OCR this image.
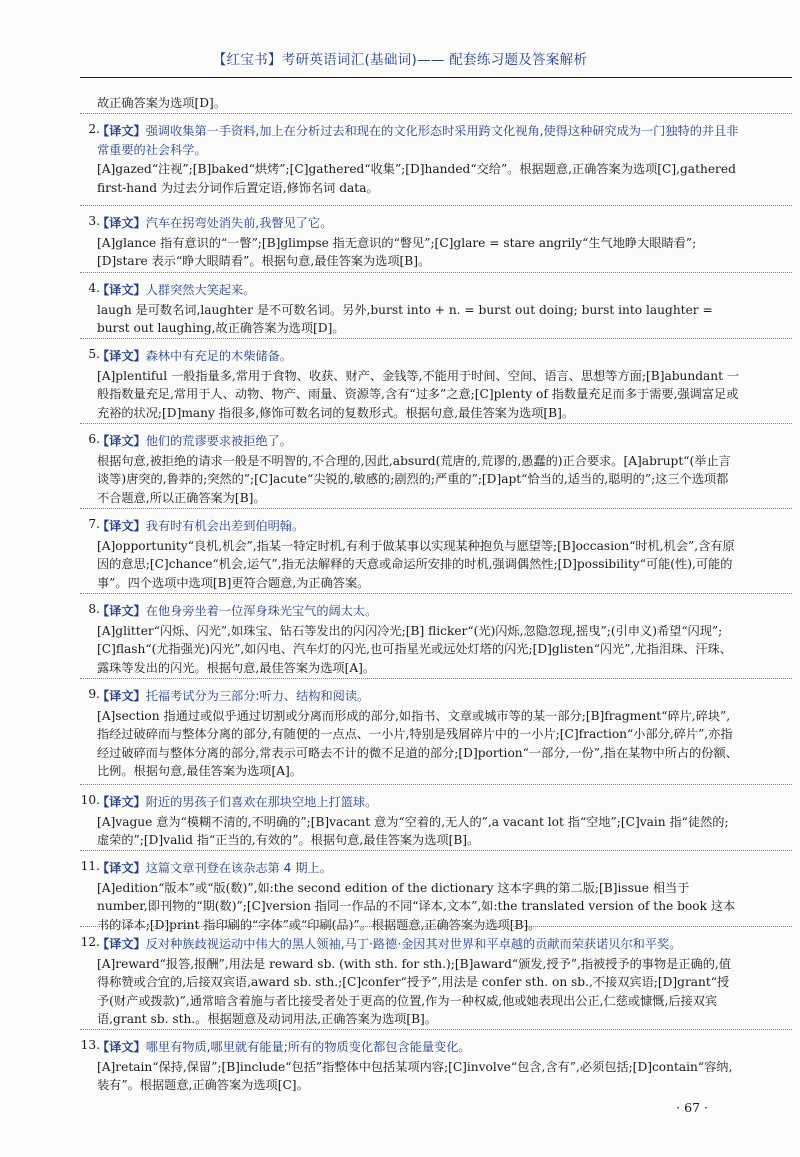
【红宝书】考研英语词汇(基础词)—— 配套练习题及答案解析
故正确答案为选项[D]。
2.
【译文】强调收集第一手资料,加上在分析过去和现在的文化形态时采用跨文化视角,使得这种研究成为一门独特的并且非常重要的社会科学。
[A]gazed“注视”;[B]baked“烘烤”;[C]gathered“收集”;[D]handed“交给”。根据题意,正确答案为选项[C],gathered first-hand 为过去分词作后置定语,修饰名词 data。
3.
【译文】汽车在拐弯处消失前,我瞥见了它。
[A]glance 指有意识的“一瞥”;[B]glimpse 指无意识的“瞥见”;[C]glare = stare angrily“生气地睁大眼睛看”;[D]stare 表示“睁大眼睛看”。根据句意,最佳答案为选项[B]。
4.
【译文】人群突然大笑起来。
laugh 是可数名词,laughter 是不可数名词。另外,burst into + n. = burst out doing; burst into laughter = burst out laughing,故正确答案为选项[D]。
5.
【译文】森林中有充足的木柴储备。
[A]plentiful 一般指量多,常用于食物、收获、财产、金钱等,不能用于时间、空间、语言、思想等方面;[B]abundant 一般指数量充足,常用于人、动物、物产、雨量、资源等,含有“过多”之意;[C]plenty of 指数量充足而多于需要,强调富足或充裕的状况;[D]many 指很多,修饰可数名词的复数形式。根据句意,最佳答案为选项[B]。
6.
【译文】他们的荒谬要求被拒绝了。
根据句意,被拒绝的请求一般是不明智的,不合理的,因此,absurd(荒唐的,荒谬的,愚蠢的)正合要求。[A]abrupt“(举止言谈等)唐突的,鲁莽的;突然的”;[C]acute“尖锐的,敏感的;剧烈的;严重的”;[D]apt“恰当的,适当的,聪明的”;这三个选项都不合题意,所以正确答案为[B]。
7.
【译文】我有时有机会出差到伯明翰。
[A]opportunity“良机,机会”,指某一特定时机,有利于做某事以实现某种抱负与愿望等;[B]occasion“时机,机会”,含有原因的意思;[C]chance“机会,运气”,指无法解释的天意或命运所安排的时机,强调偶然性;[D]possibility“可能(性),可能的事”。四个选项中选项[B]更符合题意,为正确答案。
8.
【译文】在他身旁坐着一位浑身珠光宝气的阔太太。
[A]glitter“闪烁、闪光”,如珠宝、钻石等发出的闪闪冷光;[B] flicker“(光)闪烁,忽隐忽现,摇曳”;(引申义)希望“闪现”;[C]flash“(尤指强光)闪光”,如闪电、汽车灯的闪光,也可指星光或远处灯塔的闪光;[D]glisten“闪光”,尤指泪珠、汗珠、露珠等发出的闪光。根据句意,最佳答案为选项[A]。
9.
【译文】托福考试分为三部分:听力、结构和阅读。
[A]section 指通过或似乎通过切割或分离而形成的部分,如指书、文章或城市等的某一部分;[B]fragment“碎片,碎块”,指经过破碎而与整体分离的部分,有随便的一点点、一小片,特别是残屑碎片中的一小片;[C]fraction“小部分,碎片”,亦指经过破碎而与整体分离的部分,常表示可略去不计的微不足道的部分;[D]portion“一部分,一份”,指在某物中所占的份额、比例。根据句意,最佳答案为选项[A]。
10.
【译文】附近的男孩子们喜欢在那块空地上打篮球。
[A]vague 意为“模糊不清的,不明确的”;[B]vacant 意为“空着的,无人的”,a vacant lot 指“空地”;[C]vain 指“徒然的;虚荣的”;[D]valid 指“正当的,有效的”。根据句意,最佳答案为选项[B]。
11.
【译文】这篇文章刊登在该杂志第 4 期上。
[A]edition“版本”或“版(数)”,如:the second edition of the dictionary 这本字典的第二版;[B]issue 相当于 number,即刊物的“期(数)”;[C]version 指同一作品的不同“译本,文本”,如:the translated version of the book 这本书的译本;[D]print 指印刷的“字体”或“印刷(品)”。根据题意,正确答案为选项[B]。
12.
【译文】反对种族歧视运动中伟大的黑人领袖,马丁·路德·金因其对世界和平卓越的贡献而荣获诺贝尔和平奖。
[A]reward“报答,报酬”,用法是 reward sb. (with sth. for sth.);[B]award“颁发,授予”,指被授予的事物是正确的,值得称赞或合宜的,后接双宾语,award sb. sth.;[C]confer“授予”,用法是 confer sth. on sb.,不接双宾语;[D]grant“授予(财产或拨款)”,通常暗含着施与者比接受者处于更高的位置,作为一种权威,他或她表现出公正,仁慈或慷慨,后接双宾语,grant sb. sth.。根据题意及动词用法,正确答案为选项[B]。
13.
【译文】哪里有物质,哪里就有能量;所有的物质变化都包含能量变化。
[A]retain“保持,保留”;[B]include“包括”指整体中包括某项内容;[C]involve“包含,含有”,必须包括;[D]contain“容纳,装有”。根据题意,正确答案为选项[C]。
· 67 ·
